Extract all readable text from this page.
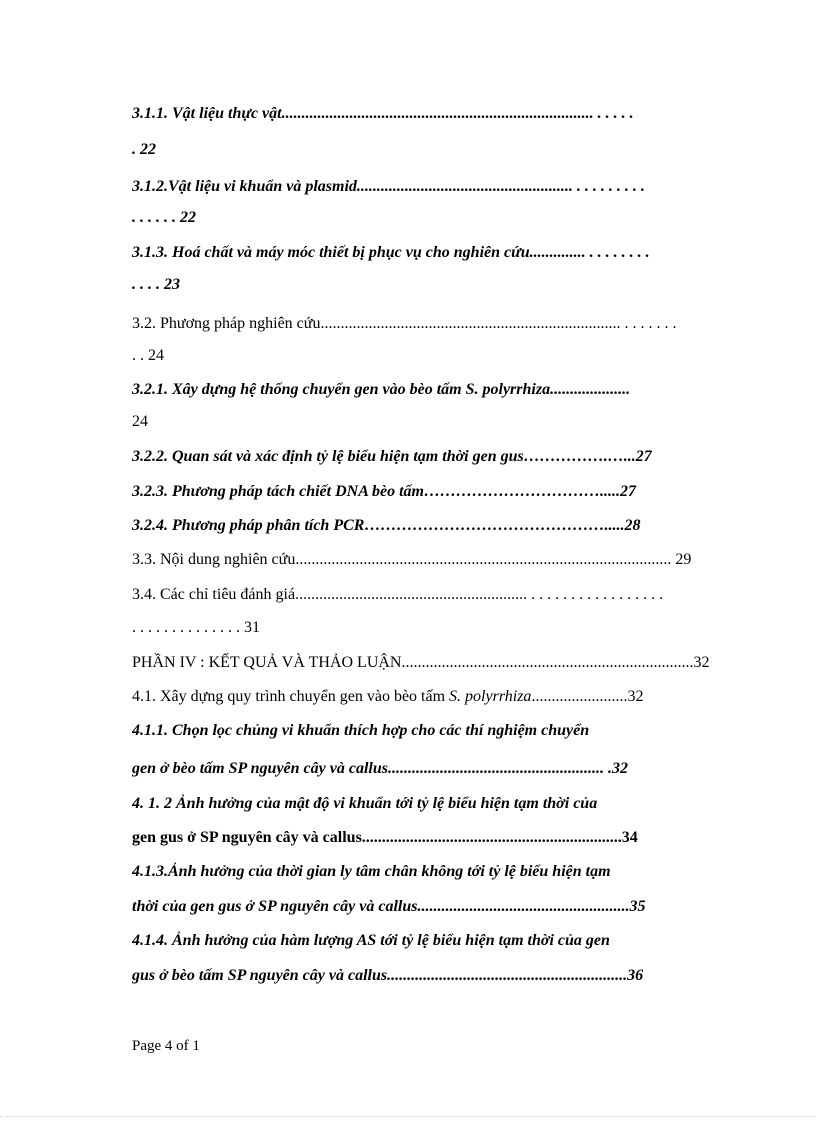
3.1.1. Vật liệu thực vật.............................................................................. . . . . .
. 22
3.1.2.Vật liệu vi khuẩn và plasmid...................................................... . . . . . . . . .
. . . . . . 22
3.1.3. Hoá chất và máy móc thiết bị phục vụ cho nghiên cứu.............. . . . . . . . .
. . . . 23
3.2. Phương pháp nghiên cứu........................................................................... . . . . . . .
. . 24
3.2.1. Xây dựng hệ thống chuyển gen vào bèo tấm S. polyrrhiza....................
24
3.2.2. Quan sát và xác định tỷ lệ biểu hiện tạm thời gen gus…………….…...27
3.2.3. Phương pháp tách chiết DNA bèo tấm…………………………….....27
3.2.4. Phương pháp phân tích PCR……………………………………….....28
3.3. Nội dung nghiên cứu.............................................................................................. 29
3.4. Các chỉ tiêu đánh giá.......................................................... . . . . . . . . . . . . . . . . .
. . . . . . . . . . . . . . 31
PHẦN IV : KẾT QUẢ VÀ THẢO LUẬN.........................................................................32
4.1. Xây dựng quy trình chuyển gen vào bèo tấm S. polyrrhiza........................32
4.1.1. Chọn lọc chủng vi khuẩn thích hợp cho các thí nghiệm chuyển
gen ở bèo tấm SP nguyên cây và callus...................................................... .32
4. 1. 2 Ảnh hưởng của mật độ vi khuẩn tới tỷ lệ biểu hiện tạm thời của
gen gus ở SP nguyên cây và callus.................................................................34
4.1.3.Ảnh hưởng của thời gian ly tâm chân không tới tỷ lệ biểu hiện tạm
thời của gen gus ở SP nguyên cây và callus.....................................................35
4.1.4. Ảnh hưởng của hàm lượng AS tới tỷ lệ biểu hiện tạm thời của gen
gus ở bèo tấm SP nguyên cây và callus............................................................36
Page 4 of 1
